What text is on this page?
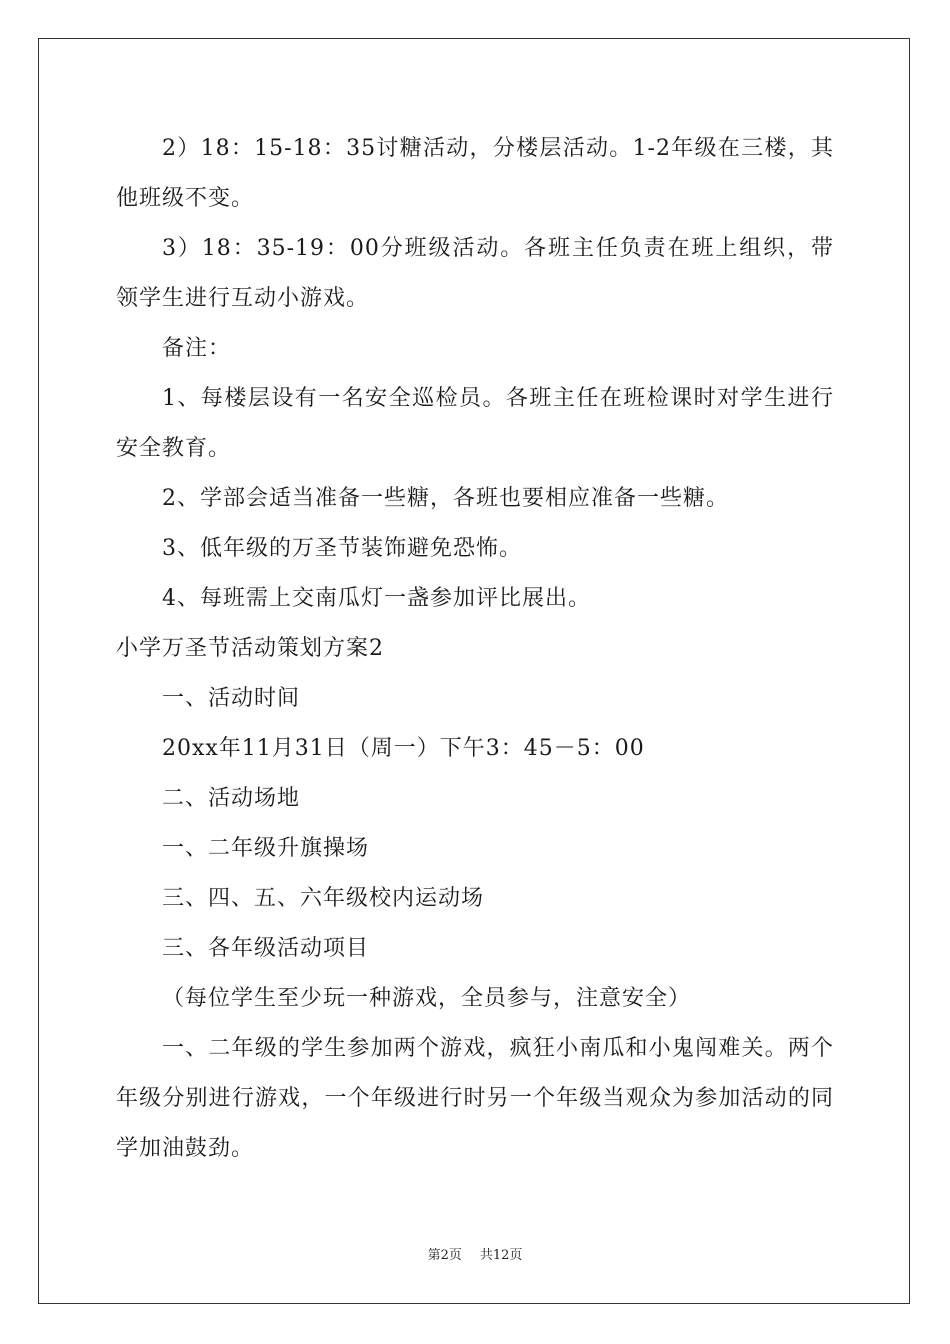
2）18：15-18：35讨糖活动，分楼层活动。1-2年级在三楼，其他班级不变。

3）18：35-19：00分班级活动。各班主任负责在班上组织，带领学生进行互动小游戏。

备注：

1、每楼层设有一名安全巡检员。各班主任在班检课时对学生进行安全教育。

2、学部会适当准备一些糖，各班也要相应准备一些糖。

3、低年级的万圣节装饰避免恐怖。

4、每班需上交南瓜灯一盏参加评比展出。

小学万圣节活动策划方案2

一、活动时间

20xx年11月31日（周一）下午3：45－5：00

二、活动场地

一、二年级升旗操场

三、四、五、六年级校内运动场

三、各年级活动项目

（每位学生至少玩一种游戏，全员参与，注意安全）

一、二年级的学生参加两个游戏，疯狂小南瓜和小鬼闯难关。两个年级分别进行游戏，一个年级进行时另一个年级当观众为参加活动的同学加油鼓劲。

第2页 共12页
